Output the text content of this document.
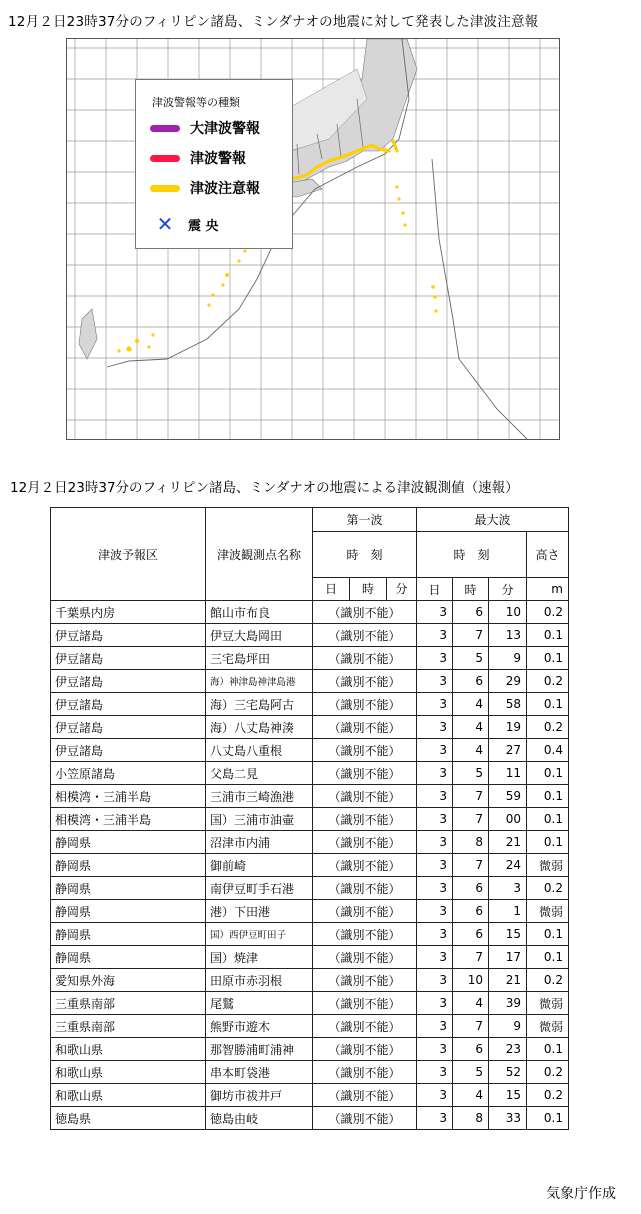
12月２日23時37分のフィリピン諸島、ミンダナオの地震に対して発表した津波注意報
津波警報等の種類
大津波警報
津波警報
津波注意報
✕	震 央
12月２日23時37分のフィリピン諸島、ミンダナオの地震による津波観測値（速報）
津波予報区	津波観測点名称	第一波	最大波			
		時　刻	時　刻			高さ

		日 時 分	日	時	分	m
千葉県内房	館山市布良	（識別不能）	3	6	10	0.2
伊豆諸島	伊豆大島岡田	（識別不能）	3	7	13	0.1
伊豆諸島	三宅島坪田	（識別不能）	3	5	9	0.1
伊豆諸島	海）神津島神津島港	（識別不能）	3	6	29	0.2
伊豆諸島	海）三宅島阿古	（識別不能）	3	4	58	0.1
伊豆諸島	海）八丈島神湊	（識別不能）	3	4	19	0.2
伊豆諸島	八丈島八重根	（識別不能）	3	4	27	0.4
小笠原諸島	父島二見	（識別不能）	3	5	11	0.1
相模湾・三浦半島	三浦市三崎漁港	（識別不能）	3	7	59	0.1
相模湾・三浦半島	国）三浦市油壷	（識別不能）	3	7	00	0.1
静岡県	沼津市内浦	（識別不能）	3	8	21	0.1
静岡県	御前崎	（識別不能）	3	7	24	微弱
静岡県	南伊豆町手石港	（識別不能）	3	6	3	0.2
静岡県	港）下田港	（識別不能）	3	6	1	微弱
静岡県	国）西伊豆町田子	（識別不能）	3	6	15	0.1
静岡県	国）焼津	（識別不能）	3	7	17	0.1
愛知県外海	田原市赤羽根	（識別不能）	3	10	21	0.2
三重県南部	尾鷲	（識別不能）	3	4	39	微弱
三重県南部	熊野市遊木	（識別不能）	3	7	9	微弱
和歌山県	那智勝浦町浦神	（識別不能）	3	6	23	0.1
和歌山県	串本町袋港	（識別不能）	3	5	52	0.2
和歌山県	御坊市祓井戸	（識別不能）	3	4	15	0.2
徳島県	徳島由岐	（識別不能）	3	8	33	0.1
気象庁作成
